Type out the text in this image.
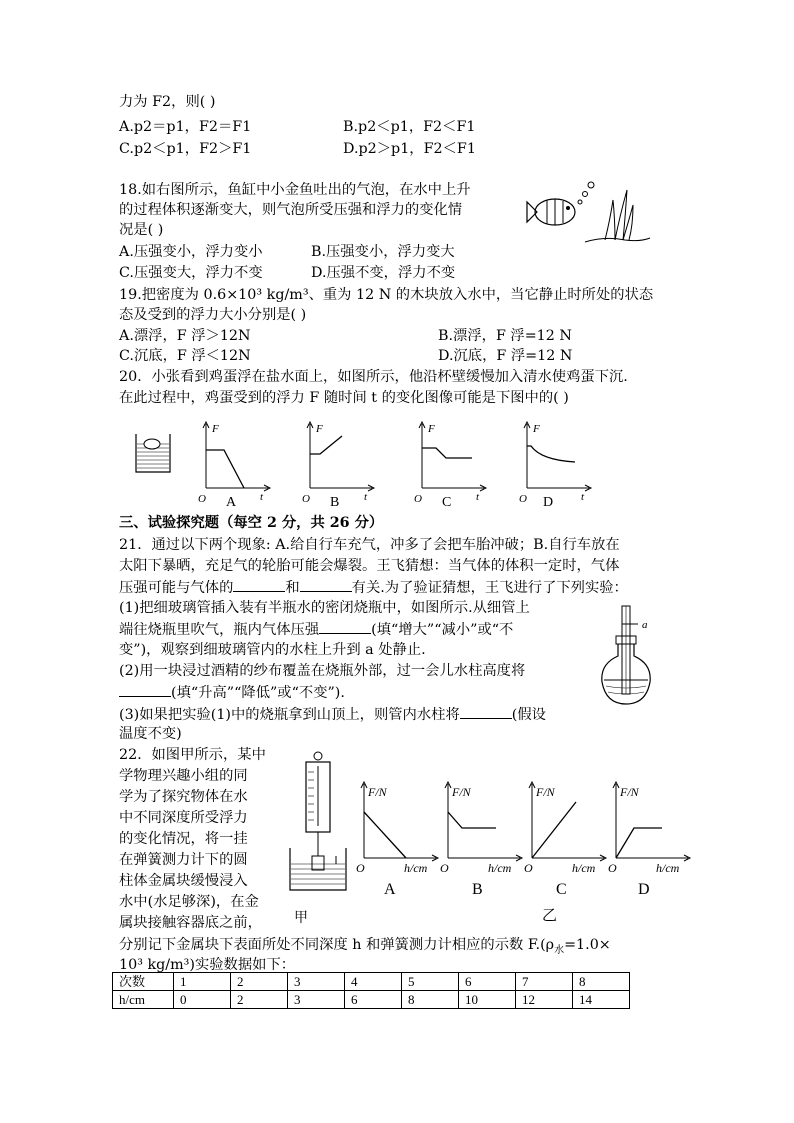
力为 F2，则( )
A.p2＝p1，F2＝F1	B.p2＜p1，F2＜F1
C.p2＜p1，F2＞F1	D.p2＞p1，F2＜F1
18.如右图所示，鱼缸中小金鱼吐出的气泡，在水中上升
的过程体积逐渐变大，则气泡所受压强和浮力的变化情
况是( )
A.压强变小，浮力变小	B.压强变小，浮力变大
C.压强变大，浮力不变	D.压强不变，浮力不变
19.把密度为 0.6×10³ kg/m³、重为 12 N 的木块放入水中，当它静止时所处的状态
态及受到的浮力大小分别是( )
A.漂浮，F 浮＞12N	B.漂浮，F 浮=12 N
C.沉底，F 浮＜12N	D.沉底，F 浮=12 N
20．小张看到鸡蛋浮在盐水面上，如图所示，他沿杯壁缓慢加入清水使鸡蛋下沉.
在此过程中，鸡蛋受到的浮力 F 随时间 t 的变化图像可能是下图中的( )
F
t
O A
F
t
O B
F
t
O C
F
t
O D
三、试验探究题（每空 2 分，共 26 分）
21．通过以下两个现象: A.给自行车充气，冲多了会把车胎冲破；B.自行车放在
太阳下暴晒，充足气的轮胎可能会爆裂。王飞猜想：当气体的体积一定时，气体
压强可能与气体的	和	有关.为了验证猜想，王飞进行了下列实验：
(1)把细玻璃管插入装有半瓶水的密闭烧瓶中，如图所示.从细管上
端往烧瓶里吹气，瓶内气体压强	(填“增大”“减小”或“不
变”)，观察到细玻璃管内的水柱上升到 a 处静止.
(2)用一块浸过酒精的纱布覆盖在烧瓶外部，过一会儿水柱高度将
(填“升高”“降低”或“不变”).
(3)如果把实验(1)中的烧瓶拿到山顶上，则管内水柱将	(假设
温度不变)
a
22．如图甲所示，某中
学物理兴趣小组的同
学为了探究物体在水
中不同深度所受浮力
的变化情况，将一挂
在弹簧测力计下的圆
柱体金属块缓慢浸入
水中(水足够深)，在金
属块接触容器底之前，
分别记下金属块下表面所处不同深度 h 和弹簧测力计相应的示数 $F.(\rho_水=1.0\times$
10³ kg/m³)实验数据如下：
甲
F/N
h/cm
O
A
F/N
h/cm
O
B
F/N
h/cm
O
C
F/N
h/cm
O
D
乙
次数	1	2	3	4	5	6	7	8
h/cm	0	2	3	6	8	10	12	14
